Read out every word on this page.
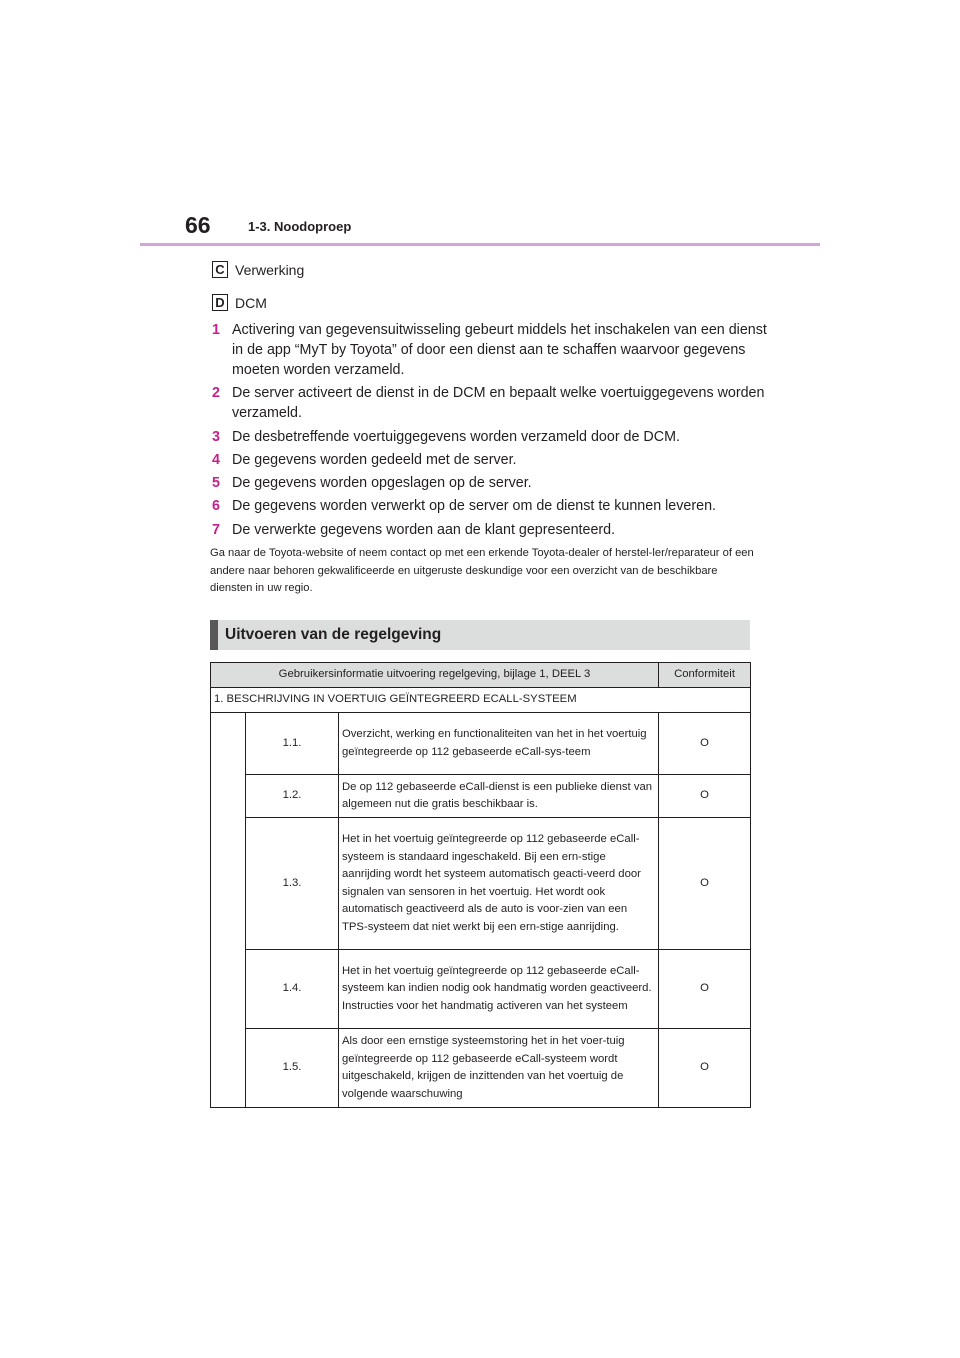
66	1-3. Noodoproep
C Verwerking
D DCM
1 Activering van gegevensuitwisseling gebeurt middels het inschakelen van een dienst in de app “MyT by Toyota” of door een dienst aan te schaffen waarvoor gegevens moeten worden verzameld.
2 De server activeert de dienst in de DCM en bepaalt welke voertuiggegevens worden verzameld.
3 De desbetreffende voertuiggegevens worden verzameld door de DCM.
4 De gegevens worden gedeeld met de server.
5 De gegevens worden opgeslagen op de server.
6 De gegevens worden verwerkt op de server om de dienst te kunnen leveren.
7 De verwerkte gegevens worden aan de klant gepresenteerd.

Ga naar de Toyota-website of neem contact op met een erkende Toyota-dealer of herstel-ler/reparateur of een andere naar behoren gekwalificeerde en uitgeruste deskundige voor een overzicht van de beschikbare diensten in uw regio.

Uitvoeren van de regelgeving
Gebruikersinformatie uitvoering regelgeving, bijlage 1, DEEL 3			Conformiteit
1. BESCHRIJVING IN VOERTUIG GEÏNTEGREERD ECALL-SYSTEEM			
	1.1.	Overzicht, werking en functionaliteiten van het in het voertuig geïntegreerde op 112 gebaseerde eCall-sys-teem	O
	1.2.	De op 112 gebaseerde eCall-dienst is een publieke dienst van algemeen nut die gratis beschikbaar is.	O
	1.3.	Het in het voertuig geïntegreerde op 112 gebaseerde eCall-systeem is standaard ingeschakeld. Bij een ern-stige aanrijding wordt het systeem automatisch geacti-veerd door signalen van sensoren in het voertuig. Het wordt ook automatisch geactiveerd als de auto is voor-zien van een TPS-systeem dat niet werkt bij een ern-stige aanrijding.	O
	1.4.	Het in het voertuig geïntegreerde op 112 gebaseerde eCall-systeem kan indien nodig ook handmatig worden geactiveerd. Instructies voor het handmatig activeren van het systeem	O
	1.5.	Als door een ernstige systeemstoring het in het voer-tuig geïntegreerde op 112 gebaseerde eCall-systeem wordt uitgeschakeld, krijgen de inzittenden van het voertuig de volgende waarschuwing	O
